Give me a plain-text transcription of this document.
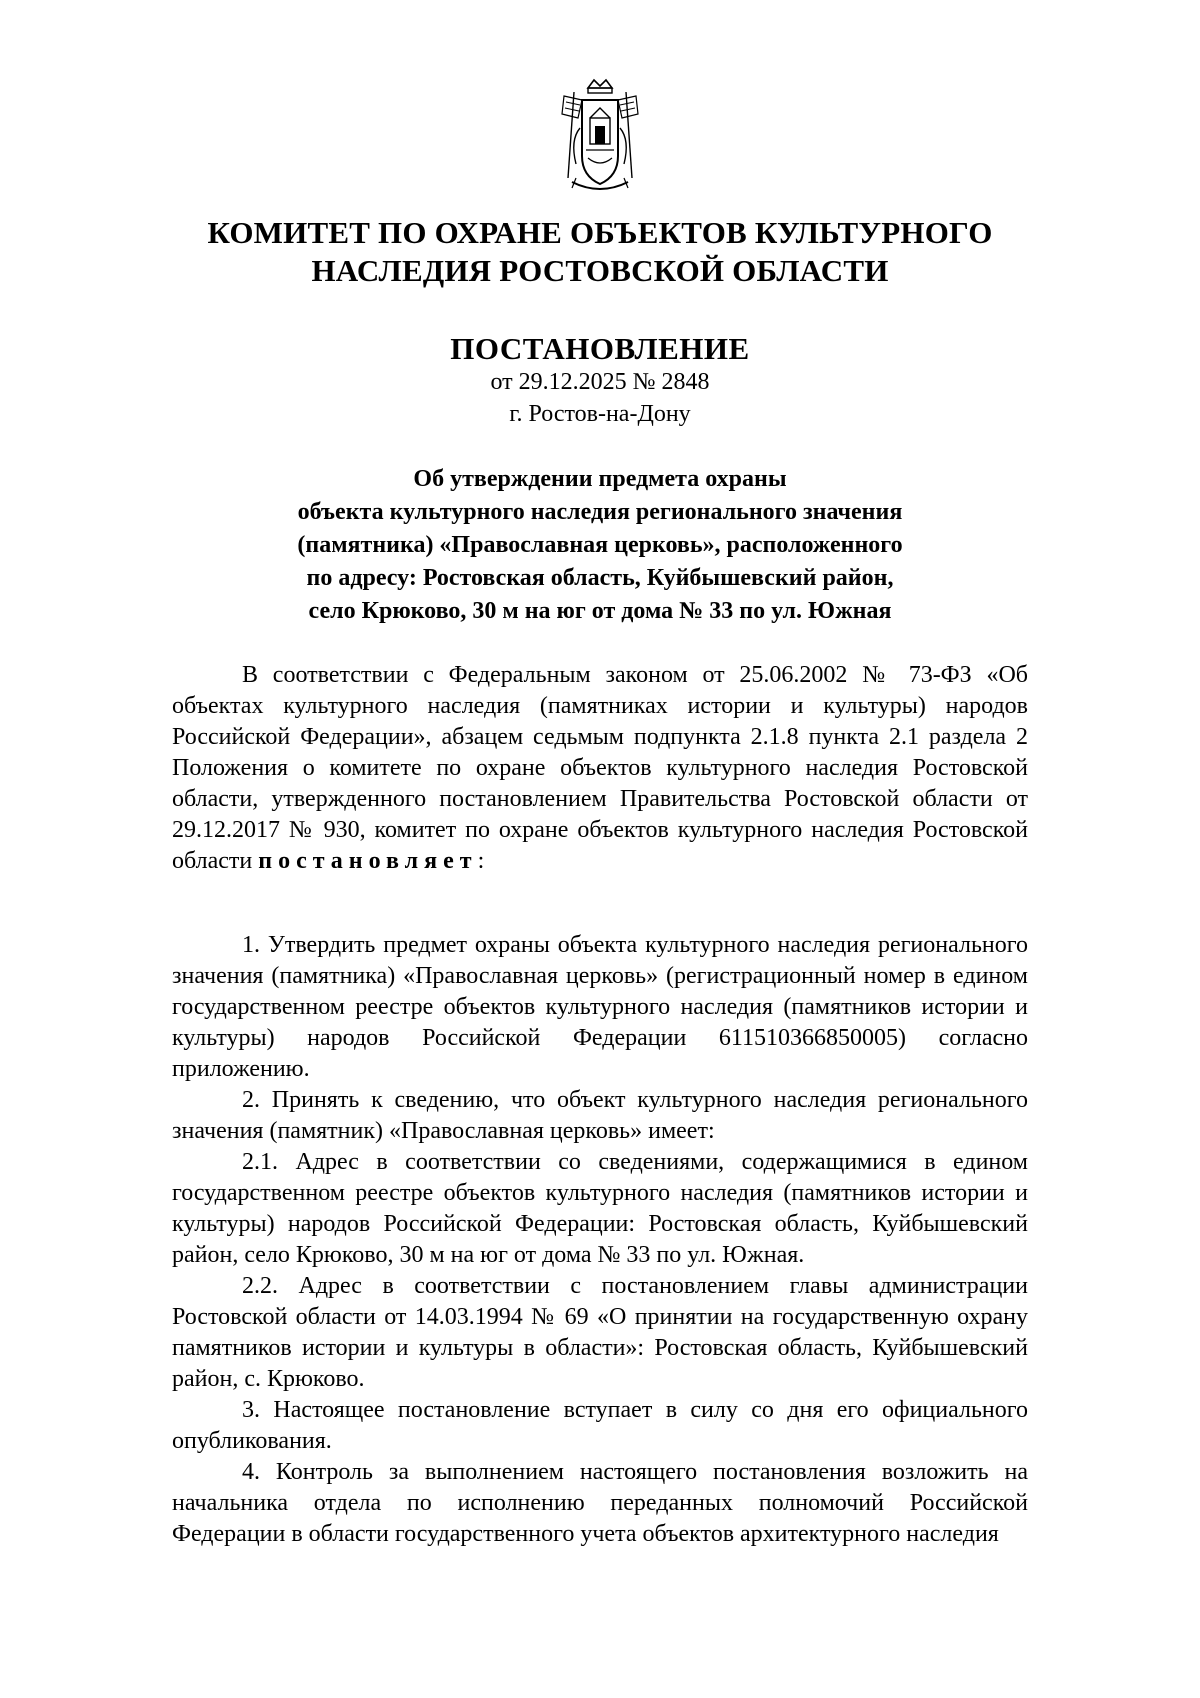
КОМИТЕТ ПО ОХРАНЕ ОБЪЕКТОВ КУЛЬТУРНОГО
НАСЛЕДИЯ РОСТОВСКОЙ ОБЛАСТИ
ПОСТАНОВЛЕНИЕ
от 29.12.2025 № 2848
г. Ростов-на-Дону
Об утверждении предмета охраны
объекта культурного наследия регионального значения
(памятника) «Православная церковь», расположенного
по адресу: Ростовская область, Куйбышевский район,
село Крюково, 30 м на юг от дома № 33 по ул. Южная

В соответствии с Федеральным законом от 25.06.2002 № 73-ФЗ «Об объектах культурного наследия (памятниках истории и культуры) народов Российской Федерации», абзацем седьмым подпункта 2.1.8 пункта 2.1 раздела 2 Положения о комитете по охране объектов культурного наследия Ростовской области, утвержденного постановлением Правительства Ростовской области от 29.12.2017 № 930, комитет по охране объектов культурного наследия Ростовской области постановляет:

1. Утвердить предмет охраны объекта культурного наследия регионального значения (памятника) «Православная церковь» (регистрационный номер в едином государственном реестре объектов культурного наследия (памятников истории и культуры) народов Российской Федерации 611510366850005) согласно приложению.

2. Принять к сведению, что объект культурного наследия регионального значения (памятник) «Православная церковь» имеет:

2.1. Адрес в соответствии со сведениями, содержащимися в едином государственном реестре объектов культурного наследия (памятников истории и культуры) народов Российской Федерации: Ростовская область, Куйбышевский район, село Крюково, 30 м на юг от дома № 33 по ул. Южная.

2.2. Адрес в соответствии с постановлением главы администрации Ростовской области от 14.03.1994 № 69 «О принятии на государственную охрану памятников истории и культуры в области»: Ростовская область, Куйбышевский район, с. Крюково.

3. Настоящее постановление вступает в силу со дня его официального опубликования.

4. Контроль за выполнением настоящего постановления возложить на начальника отдела по исполнению переданных полномочий Российской Федерации в области государственного учета объектов архитектурного наследия
